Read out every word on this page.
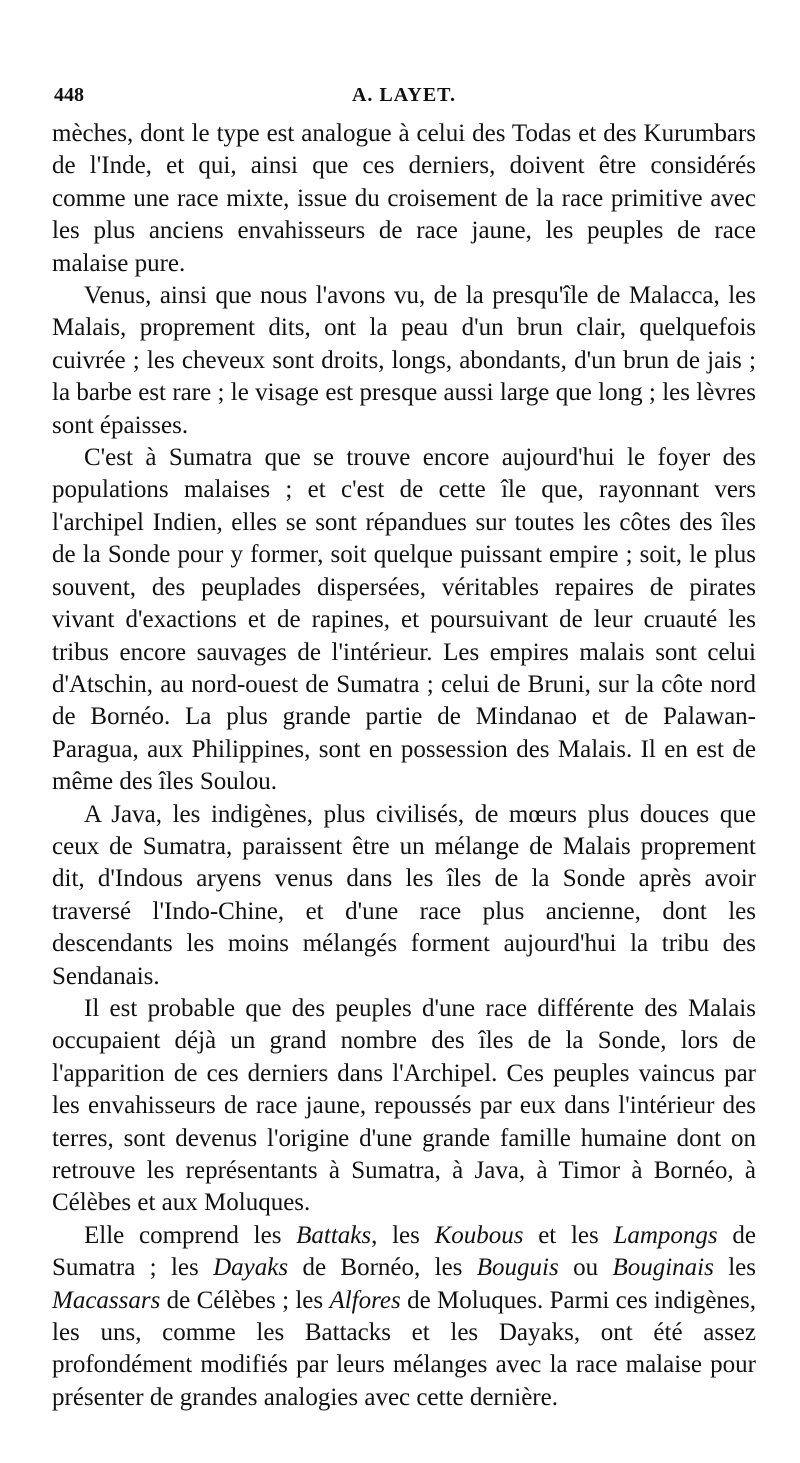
448	A. LAYET.

mèches, dont le type est analogue à celui des Todas et des Kurumbars de l'Inde, et qui, ainsi que ces derniers, doivent être considérés comme une race mixte, issue du croisement de la race primitive avec les plus anciens envahisseurs de race jaune, les peuples de race malaise pure.

Venus, ainsi que nous l'avons vu, de la presqu'île de Malacca, les Malais, proprement dits, ont la peau d'un brun clair, quelquefois cuivrée ; les cheveux sont droits, longs, abondants, d'un brun de jais ; la barbe est rare ; le visage est presque aussi large que long ; les lèvres sont épaisses.

C'est à Sumatra que se trouve encore aujourd'hui le foyer des populations malaises ; et c'est de cette île que, rayonnant vers l'archipel Indien, elles se sont répandues sur toutes les côtes des îles de la Sonde pour y former, soit quelque puissant empire ; soit, le plus souvent, des peuplades dispersées, véritables repaires de pirates vivant d'exactions et de rapines, et poursuivant de leur cruauté les tribus encore sauvages de l'intérieur. Les empires malais sont celui d'Atschin, au nord-ouest de Sumatra ; celui de Bruni, sur la côte nord de Bornéo. La plus grande partie de Mindanao et de Palawan-Paragua, aux Philippines, sont en possession des Malais. Il en est de même des îles Soulou.

A Java, les indigènes, plus civilisés, de mœurs plus douces que ceux de Sumatra, paraissent être un mélange de Malais proprement dit, d'Indous aryens venus dans les îles de la Sonde après avoir traversé l'Indo-Chine, et d'une race plus ancienne, dont les descendants les moins mélangés forment aujourd'hui la tribu des Sendanais.

Il est probable que des peuples d'une race différente des Malais occupaient déjà un grand nombre des îles de la Sonde, lors de l'apparition de ces derniers dans l'Archipel. Ces peuples vaincus par les envahisseurs de race jaune, repoussés par eux dans l'intérieur des terres, sont devenus l'origine d'une grande famille humaine dont on retrouve les représentants à Sumatra, à Java, à Timor à Bornéo, à Célèbes et aux Moluques.

Elle comprend les Battaks, les Koubous et les Lampongs de Sumatra ; les Dayaks de Bornéo, les Bouguis ou Bouginais les Macassars de Célèbes ; les Alfores de Moluques. Parmi ces indigènes, les uns, comme les Battacks et les Dayaks, ont été assez profondément modifiés par leurs mélanges avec la race malaise pour présenter de grandes analogies avec cette dernière.
